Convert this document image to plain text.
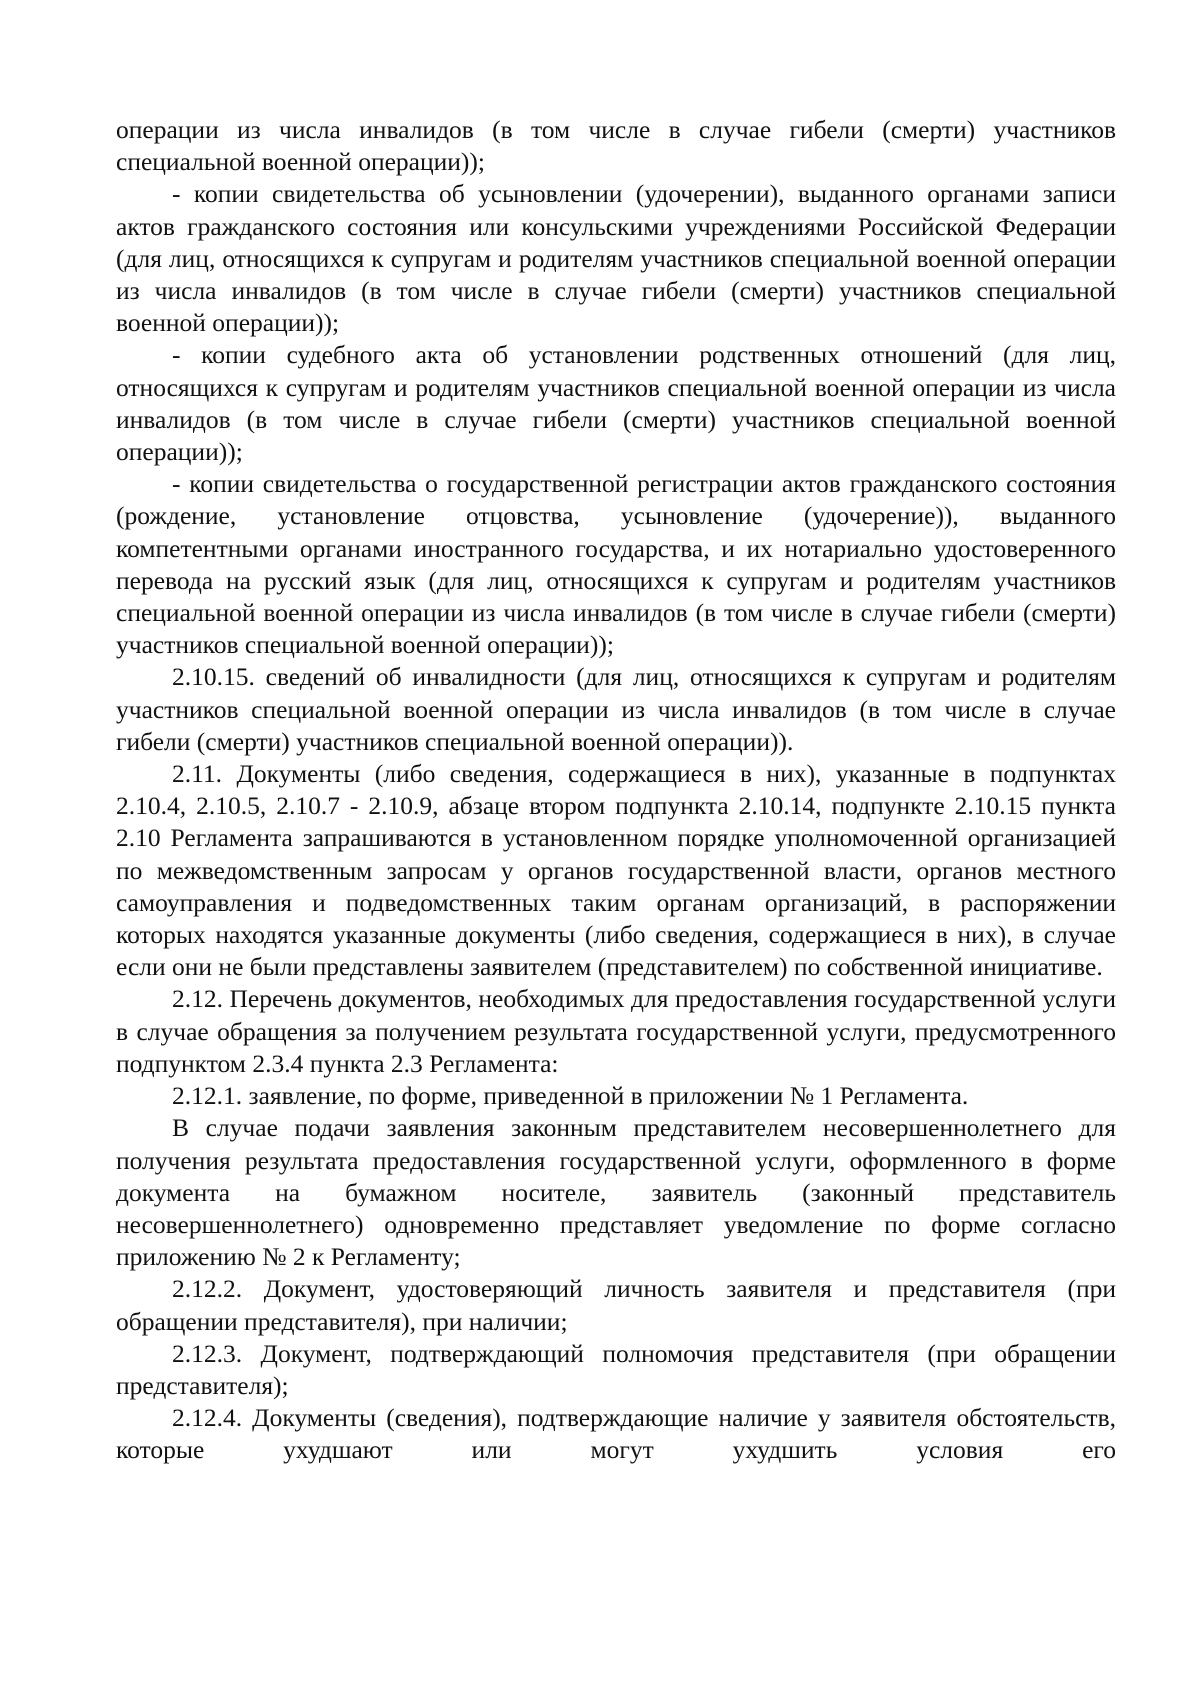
операции из числа инвалидов (в том числе в случае гибели (смерти) участников специальной военной операции));

- копии свидетельства об усыновлении (удочерении), выданного органами записи актов гражданского состояния или консульскими учреждениями Российской Федерации (для лиц, относящихся к супругам и родителям участников специальной военной операции из числа инвалидов (в том числе в случае гибели (смерти) участников специальной военной операции));

- копии судебного акта об установлении родственных отношений (для лиц, относящихся к супругам и родителям участников специальной военной операции из числа инвалидов (в том числе в случае гибели (смерти) участников специальной военной операции));

- копии свидетельства о государственной регистрации актов гражданского состояния (рождение, установление отцовства, усыновление (удочерение)), выданного компетентными органами иностранного государства, и их нотариально удостоверенного перевода на русский язык (для лиц, относящихся к супругам и родителям участников специальной военной операции из числа инвалидов (в том числе в случае гибели (смерти) участников специальной военной операции));

2.10.15. сведений об инвалидности (для лиц, относящихся к супругам и родителям участников специальной военной операции из числа инвалидов (в том числе в случае гибели (смерти) участников специальной военной операции)).

2.11. Документы (либо сведения, содержащиеся в них), указанные в подпунктах 2.10.4, 2.10.5, 2.10.7 - 2.10.9, абзаце втором подпункта 2.10.14, подпункте 2.10.15 пункта 2.10 Регламента запрашиваются в установленном порядке уполномоченной организацией по межведомственным запросам у органов государственной власти, органов местного самоуправления и подведомственных таким органам организаций, в распоряжении которых находятся указанные документы (либо сведения, содержащиеся в них), в случае если они не были представлены заявителем (представителем) по собственной инициативе.

2.12. Перечень документов, необходимых для предоставления государственной услуги в случае обращения за получением результата государственной услуги, предусмотренного подпунктом 2.3.4 пункта 2.3 Регламента:

2.12.1. заявление, по форме, приведенной в приложении № 1 Регламента.

В случае подачи заявления законным представителем несовершеннолетнего для получения результата предоставления государственной услуги, оформленного в форме документа на бумажном носителе, заявитель (законный представитель несовершеннолетнего) одновременно представляет уведомление по форме согласно приложению № 2 к Регламенту;

2.12.2. Документ, удостоверяющий личность заявителя и представителя (при обращении представителя), при наличии;

2.12.3. Документ, подтверждающий полномочия представителя (при обращении представителя);

2.12.4. Документы (сведения), подтверждающие наличие у заявителя обстоятельств, которые ухудшают или могут ухудшить условия его
